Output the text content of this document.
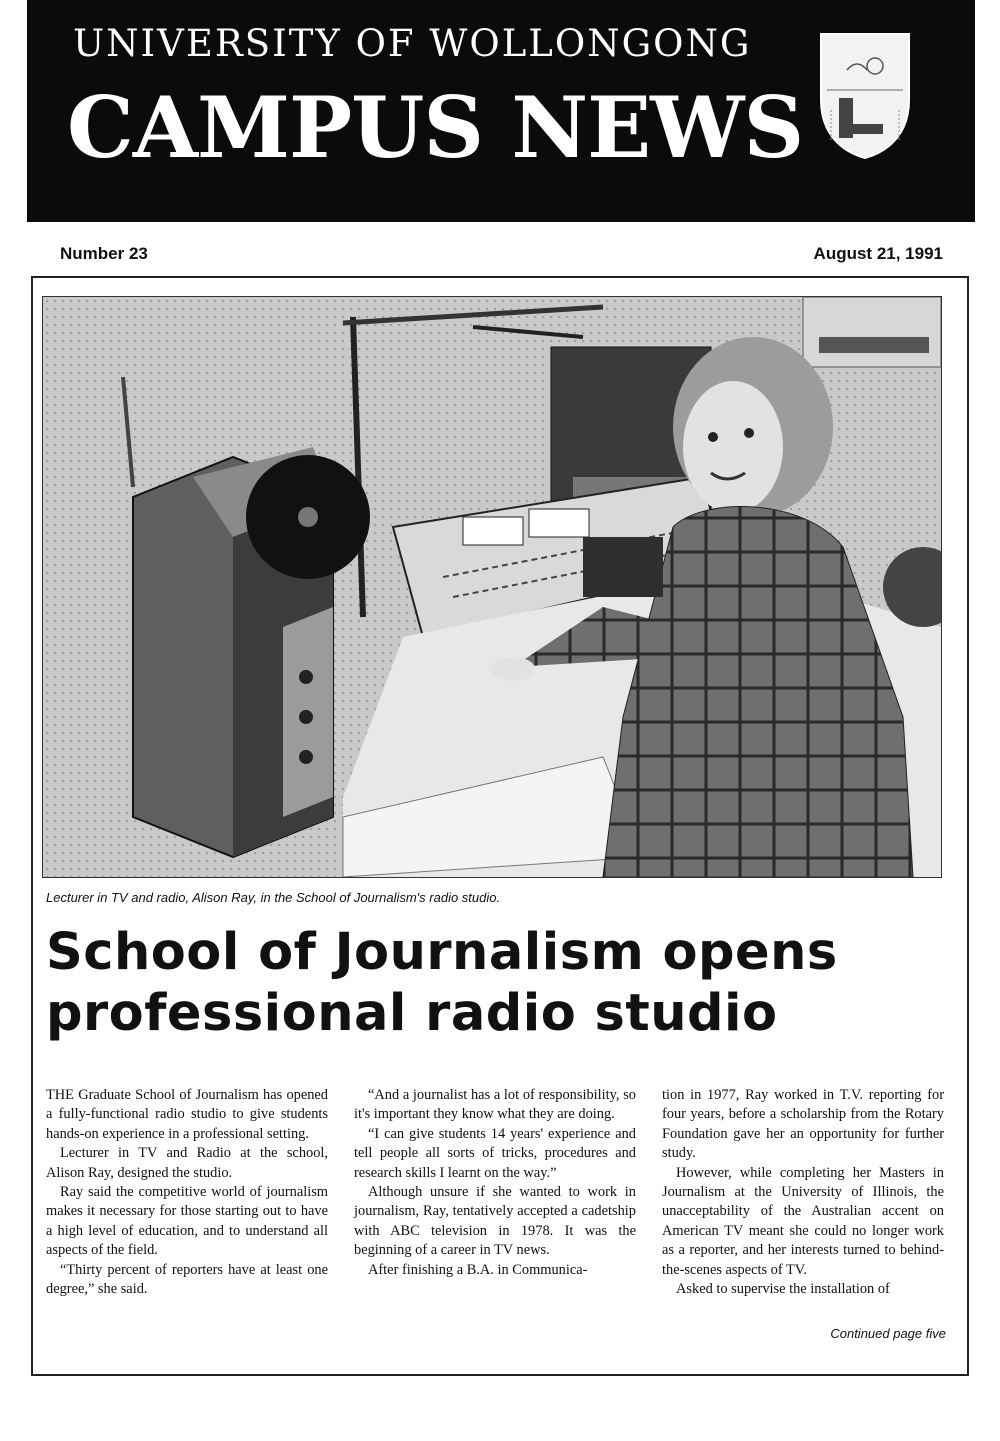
UNIVERSITY OF WOLLONGONG
CAMPUS NEWS
Number 23	August 21, 1991
Lecturer in TV and radio, Alison Ray, in the School of Journalism's radio studio.
School of Journalism opens
professional radio studio

THE Graduate School of Journalism has opened a fully-functional radio studio to give students hands-on experience in a professional setting.

Lecturer in TV and Radio at the school, Alison Ray, designed the studio.

Ray said the competitive world of journalism makes it necessary for those starting out to have a high level of education, and to understand all aspects of the field.

“Thirty percent of reporters have at least one degree,” she said.

“And a journalist has a lot of responsibility, so it's important they know what they are doing.

“I can give students 14 years' experience and tell people all sorts of tricks, procedures and research skills I learnt on the way.”

Although unsure if she wanted to work in journalism, Ray, tentatively accepted a cadetship with ABC television in 1978. It was the beginning of a career in TV news.

After finishing a B.A. in Communica-

tion in 1977, Ray worked in T.V. reporting for four years, before a scholarship from the Rotary Foundation gave her an opportunity for further study.

However, while completing her Masters in Journalism at the University of Illinois, the unacceptability of the Australian accent on American TV meant she could no longer work as a reporter, and her interests turned to behind-the-scenes aspects of TV.

Asked to supervise the installation of

Continued page five
